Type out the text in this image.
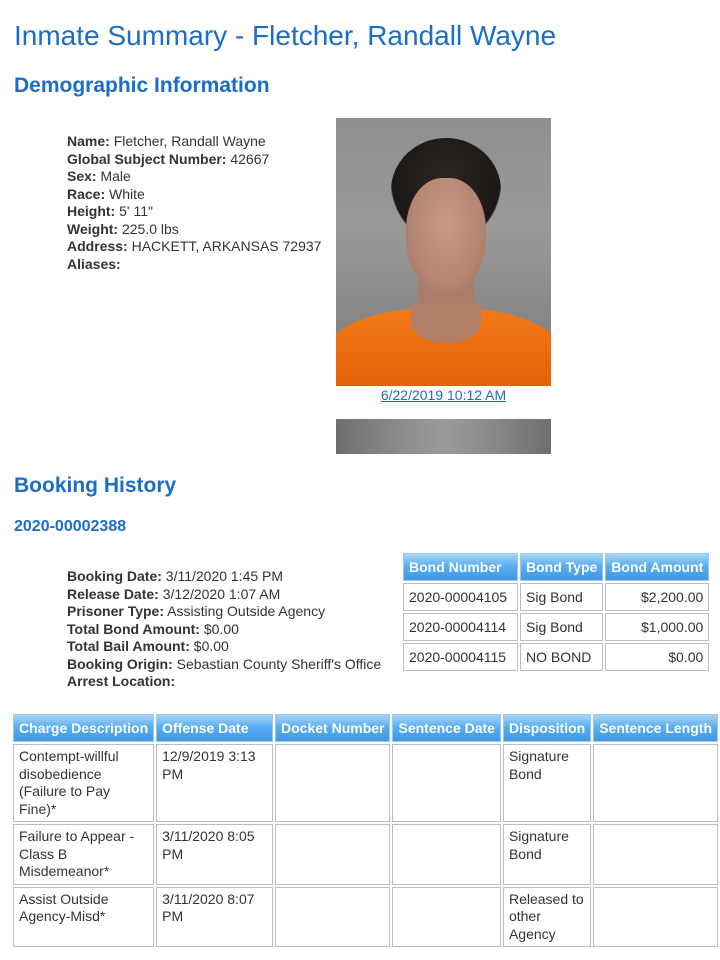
Inmate Summary - Fletcher, Randall Wayne
Demographic Information
Name: Fletcher, Randall Wayne
Global Subject Number: 42667
Sex: Male
Race: White
Height: 5' 11"
Weight: 225.0 lbs
Address: HACKETT, ARKANSAS 72937
Aliases:
6/22/2019 10:12 AM
Booking History
2020-00002388
Booking Date: 3/11/2020 1:45 PM
Release Date: 3/12/2020 1:07 AM
Prisoner Type: Assisting Outside Agency
Total Bond Amount: $0.00
Total Bail Amount: $0.00
Booking Origin: Sebastian County Sheriff's Office
Arrest Location:
Bond Number	Bond Type	Bond Amount
2020-00004105	Sig Bond	$2,200.00
2020-00004114	Sig Bond	$1,000.00
2020-00004115	NO BOND	$0.00
Charge Description	Offense Date	Docket Number	Sentence Date	Disposition	Sentence Length
Contempt-willful disobedience (Failure to Pay Fine)*	12/9/2019 3:13 PM			Signature Bond	
Failure to Appear - Class B Misdemeanor*	3/11/2020 8:05 PM			Signature Bond	
Assist Outside Agency-Misd*	3/11/2020 8:07 PM			Released to other Agency	
